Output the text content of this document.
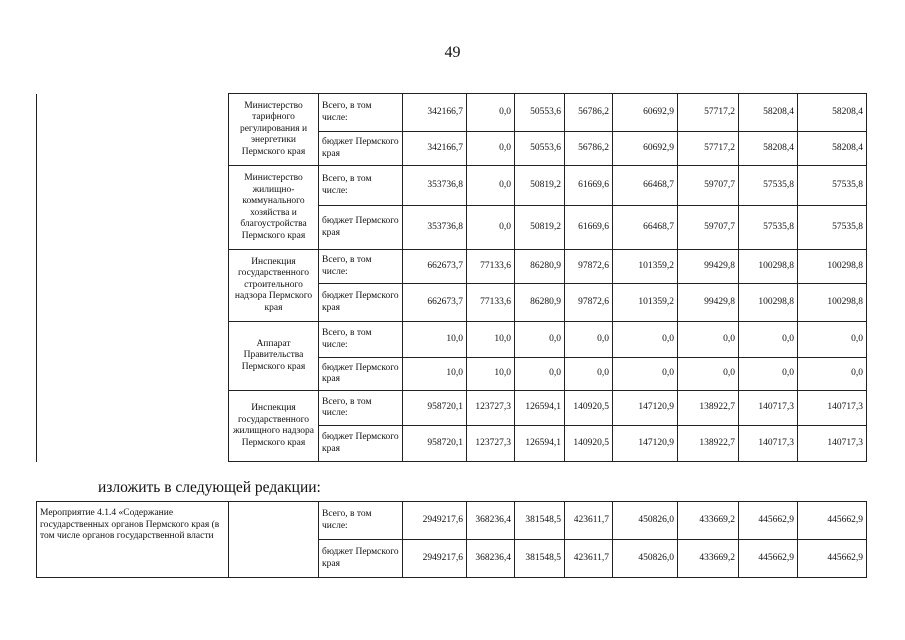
49
	Министерство тарифного регулирования и энергетики Пермского края	Всего, в том числе:	342166,7	0,0	50553,6	56786,2	60692,9	57717,2	58208,4	58208,4
		бюджет Пермского края	342166,7	0,0	50553,6	56786,2	60692,9	57717,2	58208,4	58208,4
	Министерство жилищно-коммунального хозяйства и благоустройства Пермского края	Всего, в том числе:	353736,8	0,0	50819,2	61669,6	66468,7	59707,7	57535,8	57535,8
		бюджет Пермского края	353736,8	0,0	50819,2	61669,6	66468,7	59707,7	57535,8	57535,8
	Инспекция государственного строительного надзора Пермского края	Всего, в том числе:	662673,7	77133,6	86280,9	97872,6	101359,2	99429,8	100298,8	100298,8
		бюджет Пермского края	662673,7	77133,6	86280,9	97872,6	101359,2	99429,8	100298,8	100298,8
	Аппарат Правительства Пермского края	Всего, в том числе:	10,0	10,0	0,0	0,0	0,0	0,0	0,0	0,0
		бюджет Пермского края	10,0	10,0	0,0	0,0	0,0	0,0	0,0	0,0
	Инспекция государственного жилищного надзора Пермского края	Всего, в том числе:	958720,1	123727,3	126594,1	140920,5	147120,9	138922,7	140717,3	140717,3
		бюджет Пермского края	958720,1	123727,3	126594,1	140920,5	147120,9	138922,7	140717,3	140717,3
изложить в следующей редакции:
Мероприятие 4.1.4 «Содержание государственных органов Пермского края (в том числе органов государственной власти		Всего, в том числе:	2949217,6	368236,4	381548,5	423611,7	450826,0	433669,2	445662,9	445662,9
		бюджет Пермского края	2949217,6	368236,4	381548,5	423611,7	450826,0	433669,2	445662,9	445662,9
